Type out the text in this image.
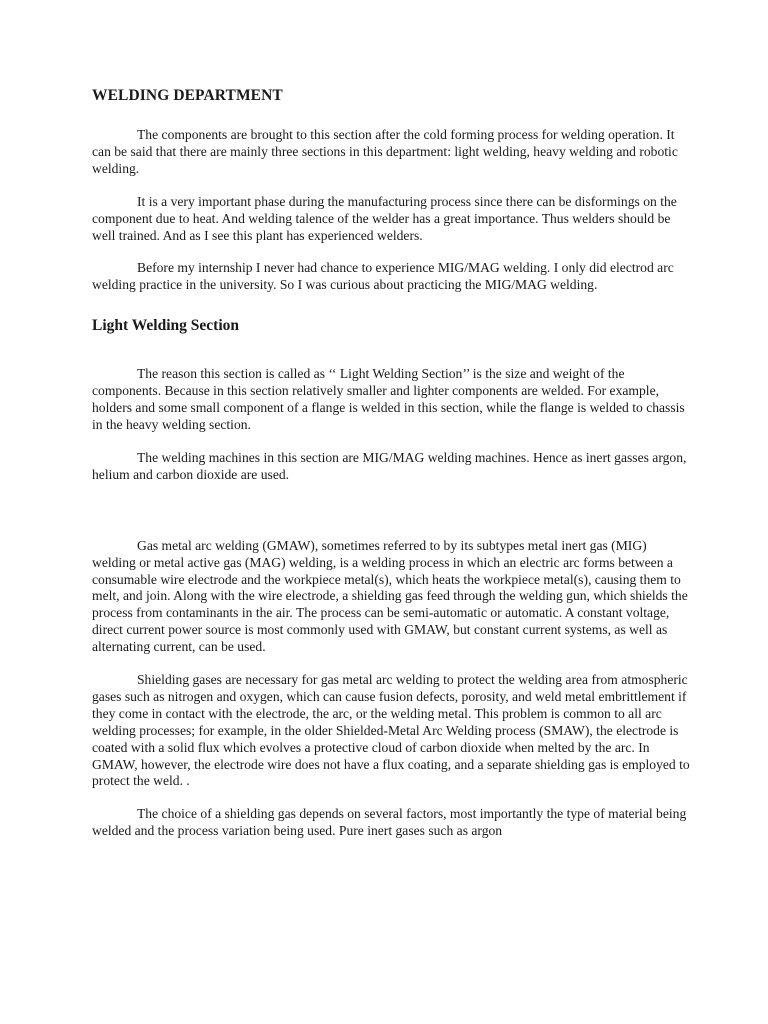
WELDING DEPARTMENT

The components are brought to this section after the cold forming process for welding operation. It can be said that there are mainly three sections in this department: light welding, heavy welding and robotic welding.

It is a very important phase during the manufacturing process since there can be disformings on the component due to heat. And welding talence of the welder has a great importance. Thus welders should be well trained. And as I see this plant has experienced welders.

Before my internship I never had chance to experience MIG/MAG welding. I only did electrod arc welding practice in the university. So I was curious about practicing the MIG/MAG welding.

Light Welding Section

The reason this section is called as ‘‘ Light Welding Section’’ is the size and weight of the components. Because in this section relatively smaller and lighter components are welded. For example, holders and some small component of a flange is welded in this section, while the flange is welded to chassis in the heavy welding section.

The welding machines in this section are MIG/MAG welding machines. Hence as inert gasses argon, helium and carbon dioxide are used.

Gas metal arc welding (GMAW), sometimes referred to by its subtypes metal inert gas (MIG) welding or metal active gas (MAG) welding, is a welding process in which an electric arc forms between a consumable wire electrode and the workpiece metal(s), which heats the workpiece metal(s), causing them to melt, and join. Along with the wire electrode, a shielding gas feed through the welding gun, which shields the process from contaminants in the air. The process can be semi-automatic or automatic. A constant voltage, direct current power source is most commonly used with GMAW, but constant current systems, as well as alternating current, can be used.

Shielding gases are necessary for gas metal arc welding to protect the welding area from atmospheric gases such as nitrogen and oxygen, which can cause fusion defects, porosity, and weld metal embrittlement if they come in contact with the electrode, the arc, or the welding metal. This problem is common to all arc welding processes; for example, in the older Shielded-Metal Arc Welding process (SMAW), the electrode is coated with a solid flux which evolves a protective cloud of carbon dioxide when melted by the arc. In GMAW, however, the electrode wire does not have a flux coating, and a separate shielding gas is employed to protect the weld. .

The choice of a shielding gas depends on several factors, most importantly the type of material being welded and the process variation being used. Pure inert gases such as argon
